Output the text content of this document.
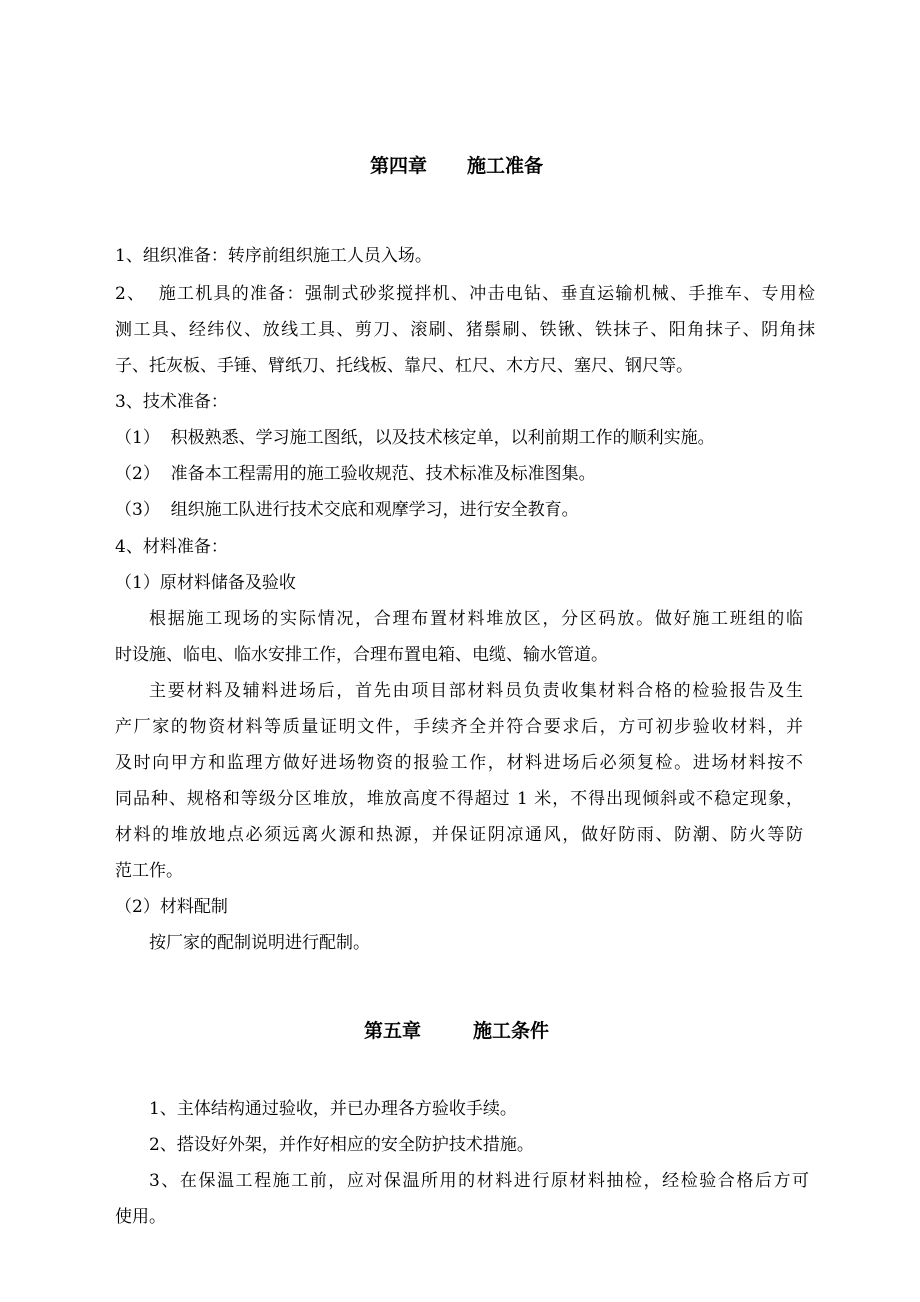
第四章 施工准备
1、组织准备：转序前组织施工人员入场。
2、  施工机具的准备：强制式砂浆搅拌机、冲击电钻、垂直运输机械、手推车、专用检
测工具、经纬仪、放线工具、剪刀、滚刷、猪鬃刷、铁锹、铁抹子、阳角抹子、阴角抹
子、托灰板、手锤、臂纸刀、托线板、靠尺、杠尺、木方尺、塞尺、钢尺等。
3、技术准备：
（1）  积极熟悉、学习施工图纸，以及技术核定单，以利前期工作的顺利实施。
（2）  准备本工程需用的施工验收规范、技术标准及标准图集。
（3）  组织施工队进行技术交底和观摩学习，进行安全教育。
4、材料准备：
（1）原材料储备及验收
根据施工现场的实际情况，合理布置材料堆放区，分区码放。做好施工班组的临
时设施、临电、临水安排工作，合理布置电箱、电缆、输水管道。
主要材料及辅料进场后，首先由项目部材料员负责收集材料合格的检验报告及生
产厂家的物资材料等质量证明文件，手续齐全并符合要求后，方可初步验收材料，并
及时向甲方和监理方做好进场物资的报验工作，材料进场后必须复检。进场材料按不
同品种、规格和等级分区堆放，堆放高度不得超过 1 米，不得出现倾斜或不稳定现象，
材料的堆放地点必须远离火源和热源，并保证阴凉通风，做好防雨、防潮、防火等防
范工作。
（2）材料配制
按厂家的配制说明进行配制。
第五章	施工条件
1、主体结构通过验收，并已办理各方验收手续。
2、搭设好外架，并作好相应的安全防护技术措施。
3、在保温工程施工前，应对保温所用的材料进行原材料抽检，经检验合格后方可
使用。
